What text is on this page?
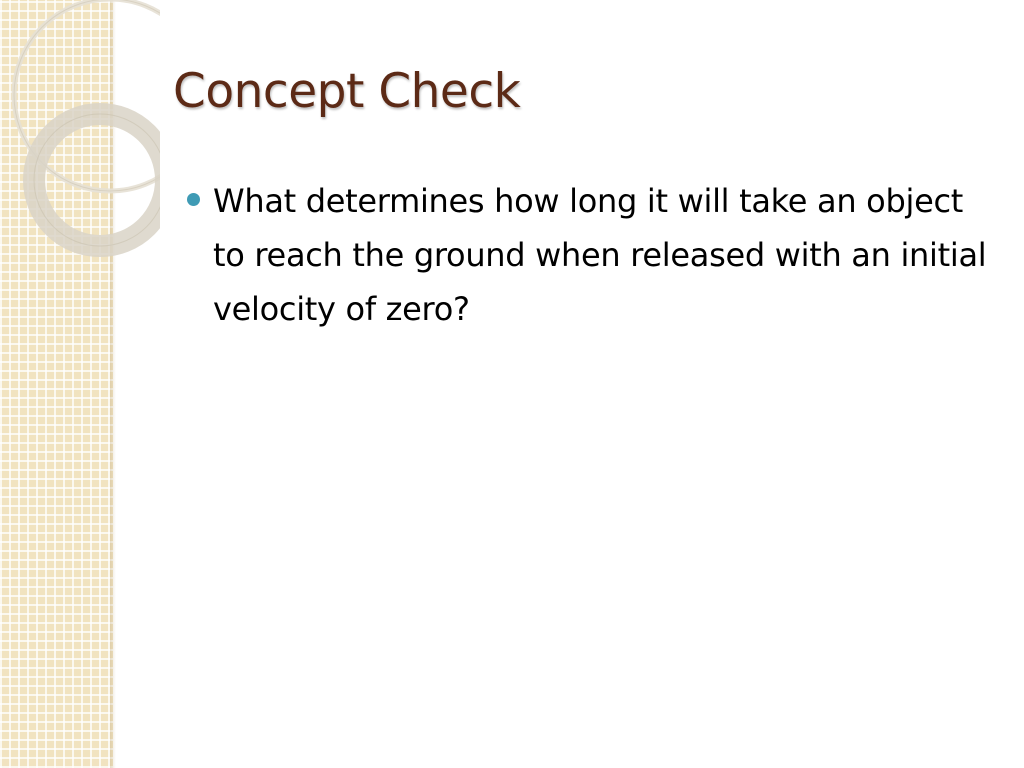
Concept Check
What determines how long it will take an object to reach the ground when released with an initial velocity of zero?
